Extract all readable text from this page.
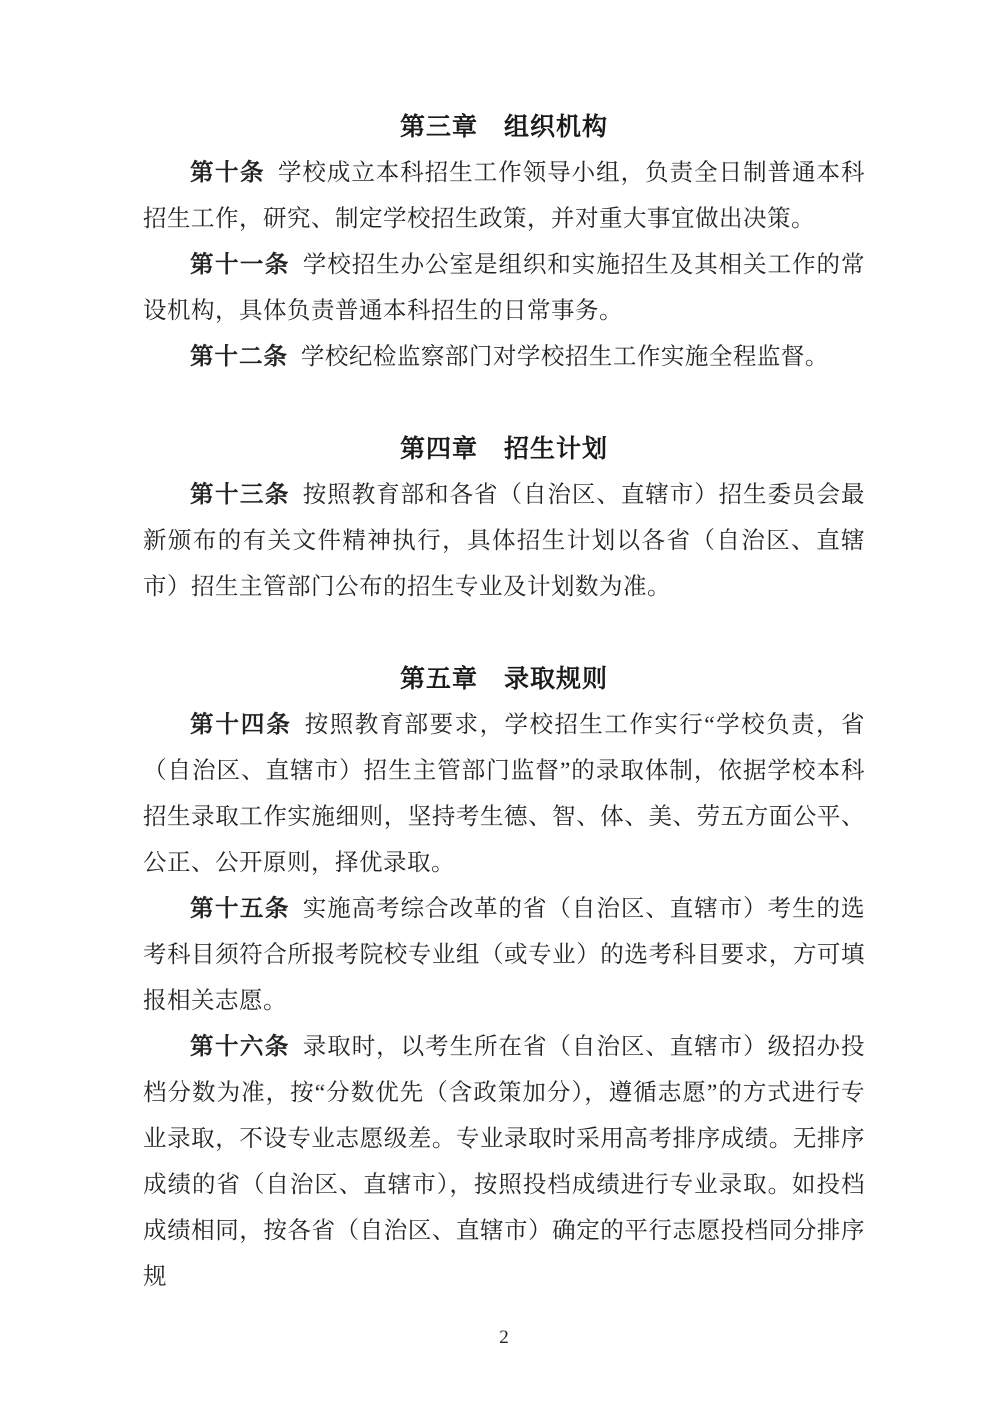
第三章　组织机构

第十条 学校成立本科招生工作领导小组，负责全日制普通本科招生工作，研究、制定学校招生政策，并对重大事宜做出决策。

第十一条 学校招生办公室是组织和实施招生及其相关工作的常设机构，具体负责普通本科招生的日常事务。

第十二条 学校纪检监察部门对学校招生工作实施全程监督。

第四章　招生计划

第十三条 按照教育部和各省（自治区、直辖市）招生委员会最新颁布的有关文件精神执行，具体招生计划以各省（自治区、直辖市）招生主管部门公布的招生专业及计划数为准。

第五章　录取规则

第十四条 按照教育部要求，学校招生工作实行“学校负责，省（自治区、直辖市）招生主管部门监督”的录取体制，依据学校本科招生录取工作实施细则，坚持考生德、智、体、美、劳五方面公平、公正、公开原则，择优录取。

第十五条 实施高考综合改革的省（自治区、直辖市）考生的选考科目须符合所报考院校专业组（或专业）的选考科目要求，方可填报相关志愿。

第十六条 录取时，以考生所在省（自治区、直辖市）级招办投档分数为准，按“分数优先（含政策加分），遵循志愿”的方式进行专业录取，不设专业志愿级差。专业录取时采用高考排序成绩。无排序成绩的省（自治区、直辖市），按照投档成绩进行专业录取。如投档成绩相同，按各省（自治区、直辖市）确定的平行志愿投档同分排序规

2
